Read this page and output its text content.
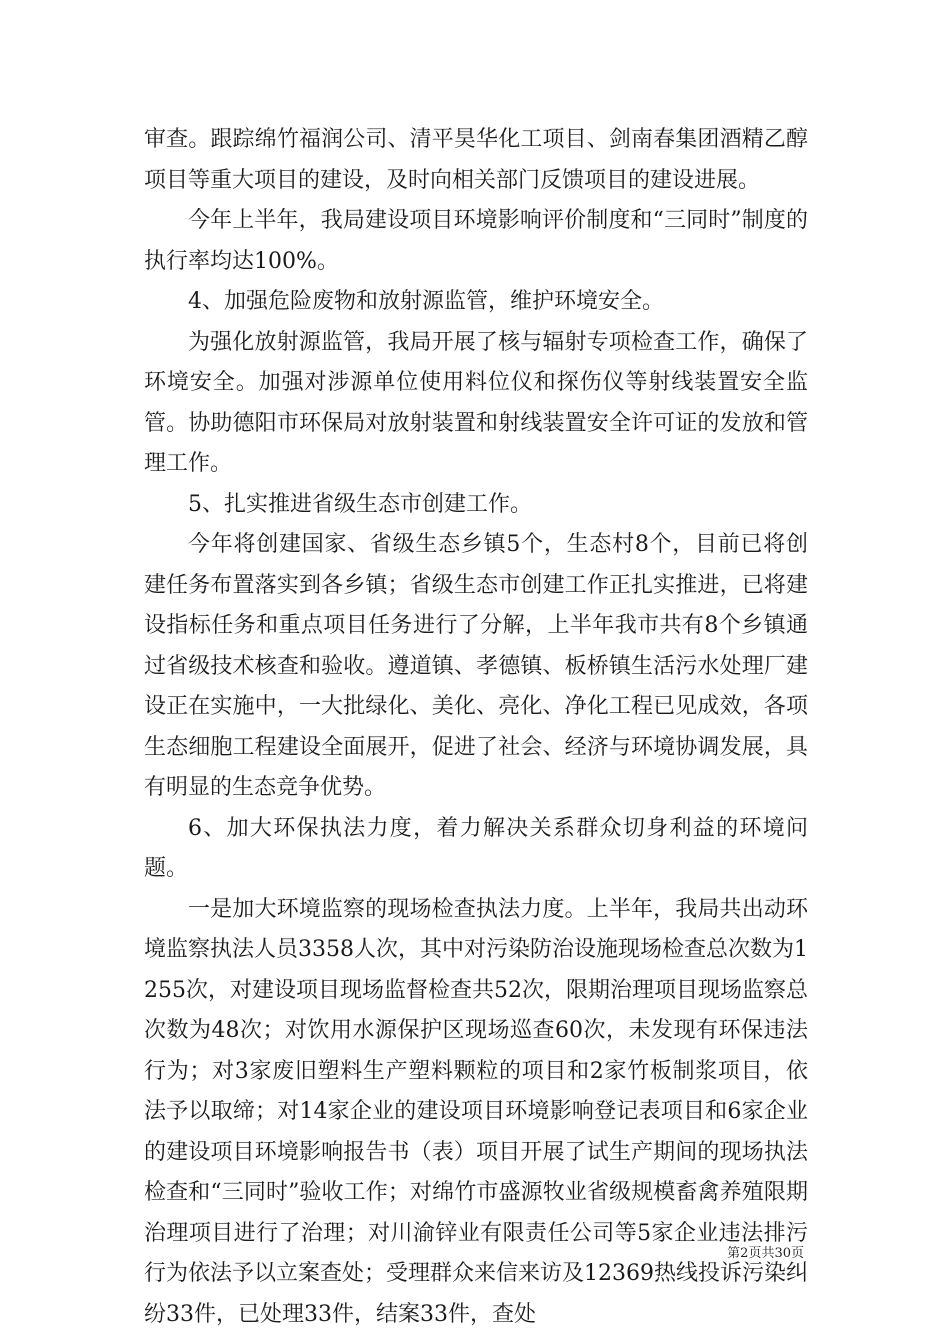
审查。跟踪绵竹福润公司、清平昊华化工项目、剑南春集团酒精乙醇项目等重大项目的建设，及时向相关部门反馈项目的建设进展。

今年上半年，我局建设项目环境影响评价制度和“三同时”制度的执行率均达100%。

4、加强危险废物和放射源监管，维护环境安全。

为强化放射源监管，我局开展了核与辐射专项检查工作，确保了环境安全。加强对涉源单位使用料位仪和探伤仪等射线装置安全监管。协助德阳市环保局对放射装置和射线装置安全许可证的发放和管理工作。

5、扎实推进省级生态市创建工作。

今年将创建国家、省级生态乡镇5个，生态村8个，目前已将创建任务布置落实到各乡镇；省级生态市创建工作正扎实推进，已将建设指标任务和重点项目任务进行了分解，上半年我市共有8个乡镇通过省级技术核查和验收。遵道镇、孝德镇、板桥镇生活污水处理厂建设正在实施中，一大批绿化、美化、亮化、净化工程已见成效，各项生态细胞工程建设全面展开，促进了社会、经济与环境协调发展，具有明显的生态竞争优势。

6、加大环保执法力度，着力解决关系群众切身利益的环境问题。

一是加大环境监察的现场检查执法力度。上半年，我局共出动环境监察执法人员3358人次，其中对污染防治设施现场检查总次数为1255次，对建设项目现场监督检查共52次，限期治理项目现场监察总次数为48次；对饮用水源保护区现场巡查60次，未发现有环保违法行为；对3家废旧塑料生产塑料颗粒的项目和2家竹板制浆项目，依法予以取缔；对14家企业的建设项目环境影响登记表项目和6家企业的建设项目环境影响报告书（表）项目开展了试生产期间的现场执法检查和“三同时”验收工作；对绵竹市盛源牧业省级规模畜禽养殖限期治理项目进行了治理；对川渝锌业有限责任公司等5家企业违法排污行为依法予以立案查处；受理群众来信来访及12369热线投诉污染纠纷33件，已处理33件，结案33件，查处

第2页共30页
